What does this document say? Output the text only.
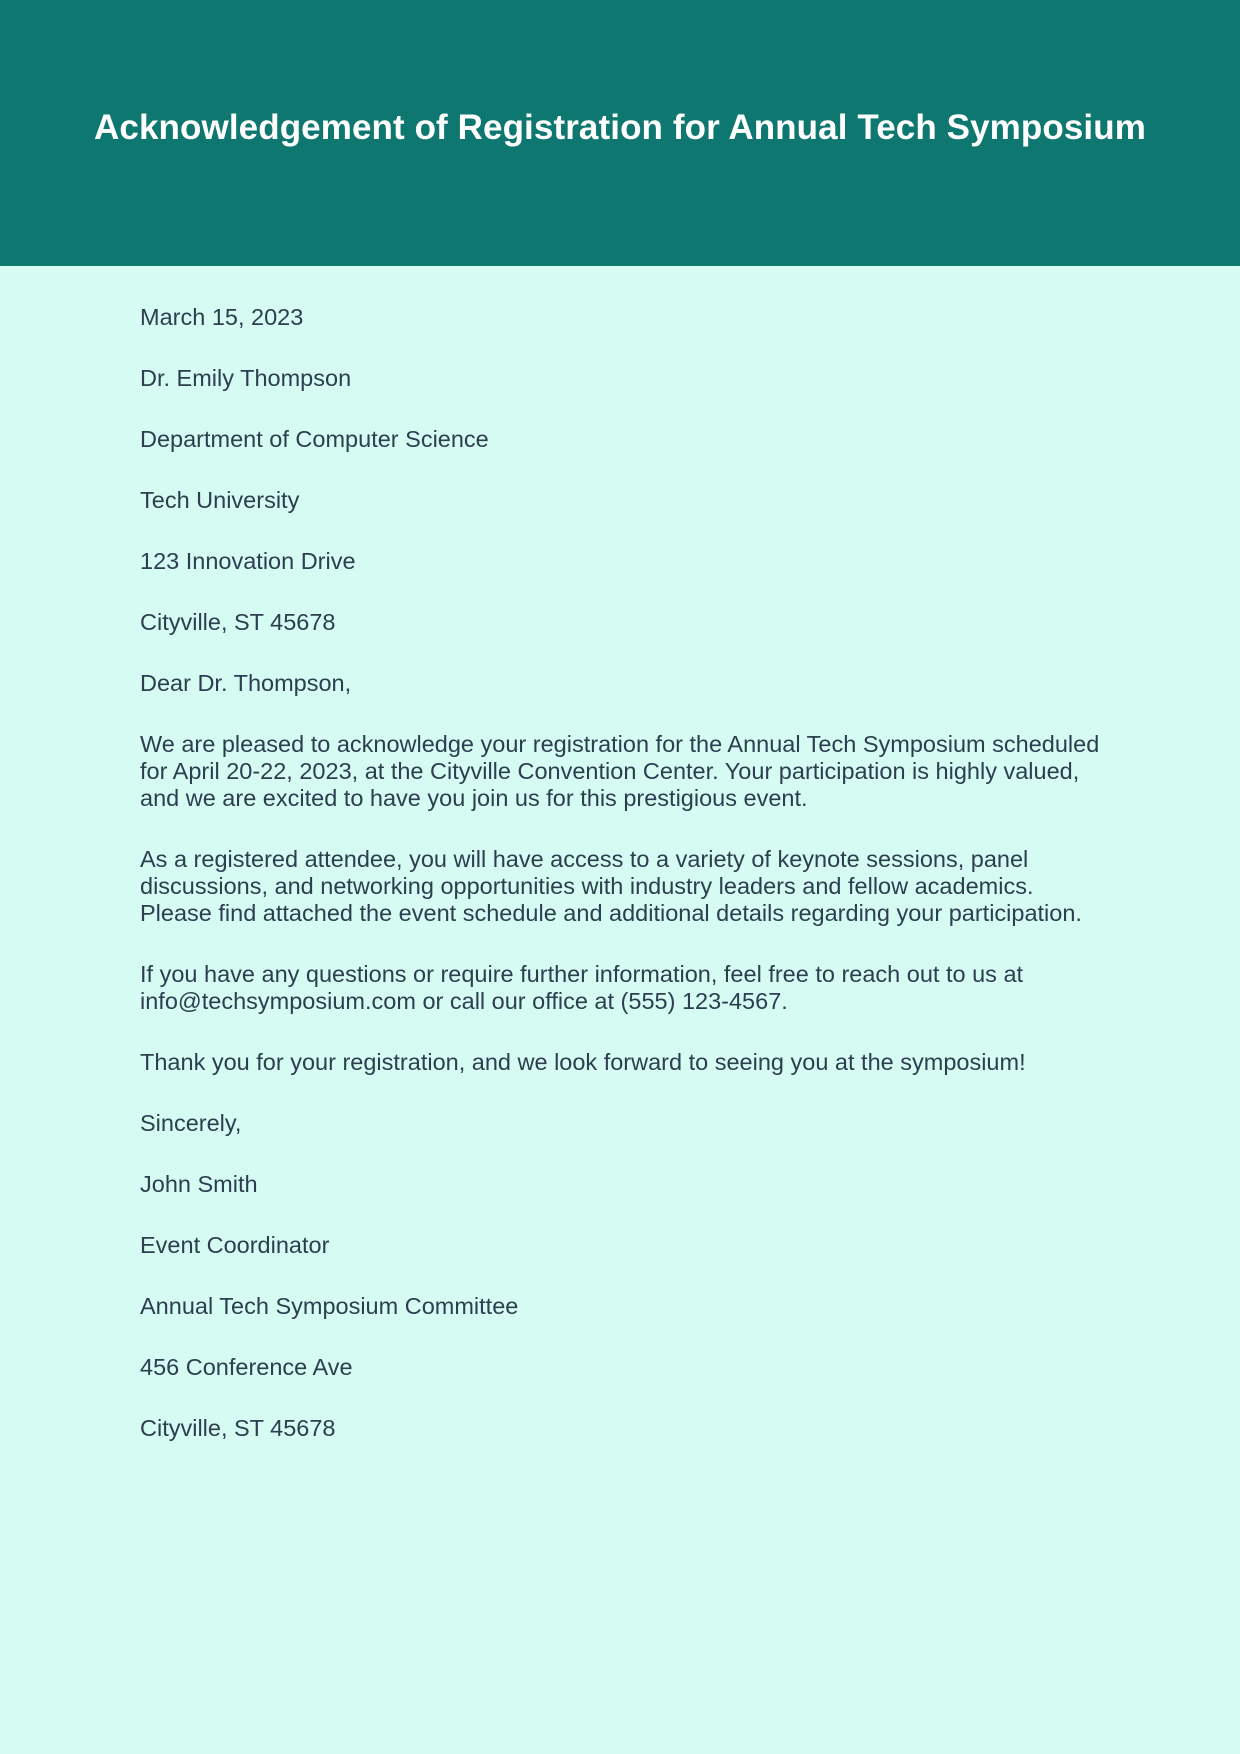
Acknowledgement of Registration for Annual Tech Symposium

March 15, 2023

Dr. Emily Thompson

Department of Computer Science

Tech University

123 Innovation Drive

Cityville, ST 45678

Dear Dr. Thompson,

We are pleased to acknowledge your registration for the Annual Tech Symposium scheduled for April 20-22, 2023, at the Cityville Convention Center. Your participation is highly valued, and we are excited to have you join us for this prestigious event.

As a registered attendee, you will have access to a variety of keynote sessions, panel discussions, and networking opportunities with industry leaders and fellow academics. Please find attached the event schedule and additional details regarding your participation.

If you have any questions or require further information, feel free to reach out to us at info@techsymposium.com or call our office at (555) 123-4567.

Thank you for your registration, and we look forward to seeing you at the symposium!

Sincerely,

John Smith

Event Coordinator

Annual Tech Symposium Committee

456 Conference Ave

Cityville, ST 45678
